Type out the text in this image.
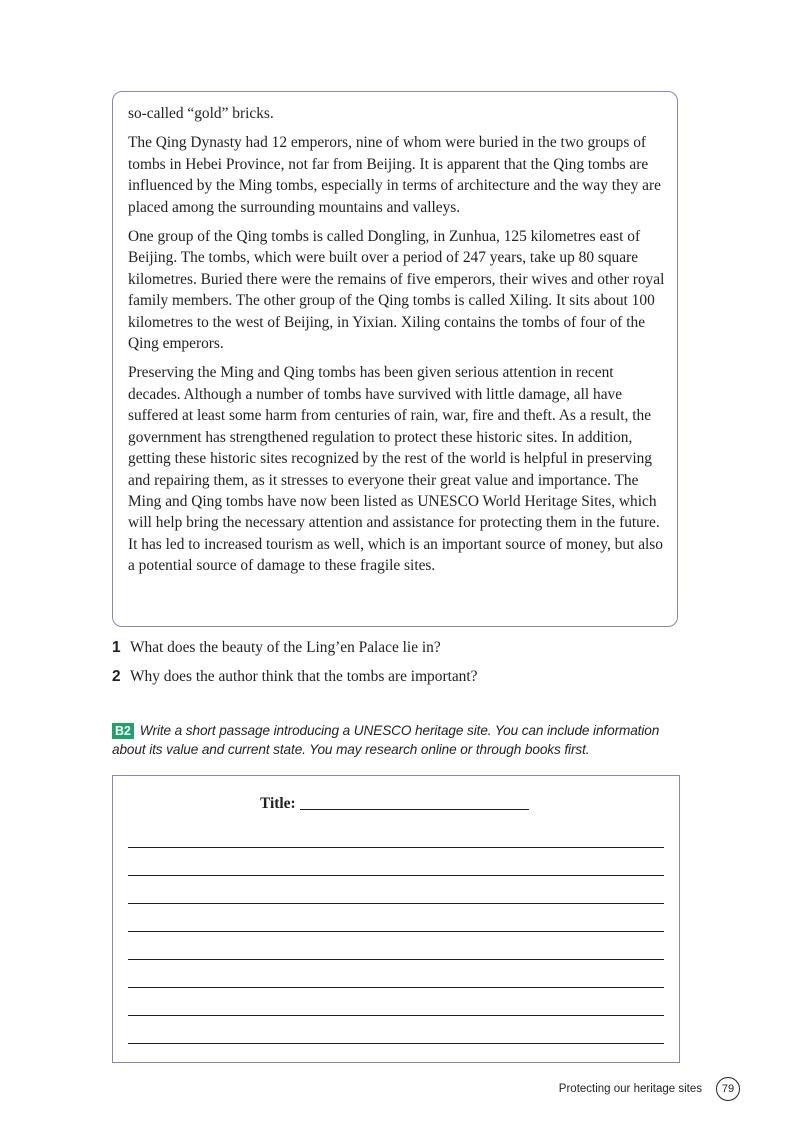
so-called “gold” bricks.

The Qing Dynasty had 12 emperors, nine of whom were buried in the two groups of tombs in Hebei Province, not far from Beijing. It is apparent that the Qing tombs are influenced by the Ming tombs, especially in terms of architecture and the way they are placed among the surrounding mountains and valleys.

One group of the Qing tombs is called Dongling, in Zunhua, 125 kilometres east of Beijing. The tombs, which were built over a period of 247 years, take up 80 square kilometres. Buried there were the remains of five emperors, their wives and other royal family members. The other group of the Qing tombs is called Xiling. It sits about 100 kilometres to the west of Beijing, in Yixian. Xiling contains the tombs of four of the Qing emperors.

Preserving the Ming and Qing tombs has been given serious attention in recent decades. Although a number of tombs have survived with little damage, all have suffered at least some harm from centuries of rain, war, fire and theft. As a result, the government has strengthened regulation to protect these historic sites. In addition, getting these historic sites recognized by the rest of the world is helpful in preserving and repairing them, as it stresses to everyone their great value and importance. The Ming and Qing tombs have now been listed as UNESCO World Heritage Sites, which will help bring the necessary attention and assistance for protecting them in the future. It has led to increased tourism as well, which is an important source of money, but also a potential source of damage to these fragile sites.

1 What does the beauty of the Ling’en Palace lie in?
2 Why does the author think that the tombs are important?
B2 Write a short passage introducing a UNESCO heritage site. You can include information about its value and current state. You may research online or through books first.
Title:
Protecting our heritage sites	79
